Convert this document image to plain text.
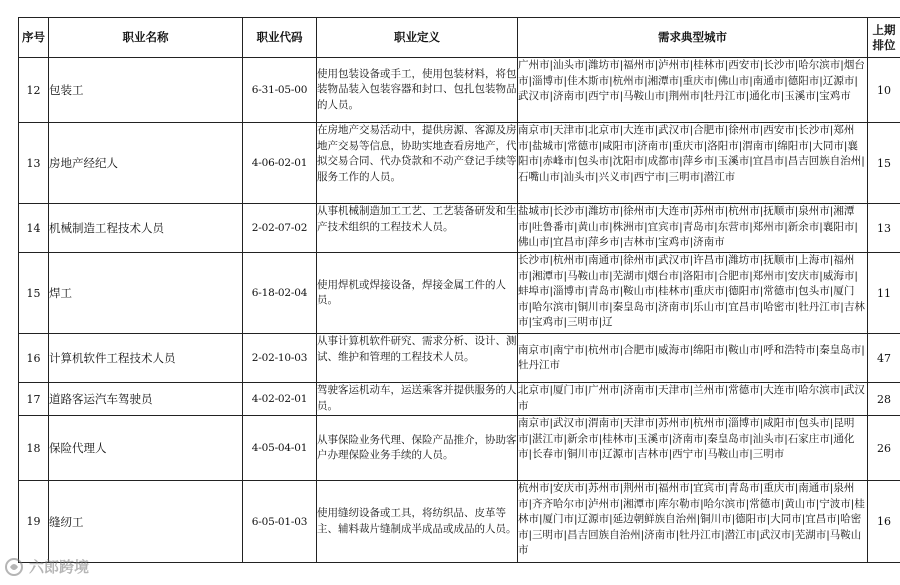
序号	职业名称	职业代码	职业定义	需求典型城市	上期排位
12	包装工	6-31-05-00	使用包装设备或手工，使用包装材料，将包装物品装入包装容器和封口、包扎包装物品的人员。	广州市|汕头市|潍坊市|福州市|泸州市|桂林市|西安市|长沙市|哈尔滨市|烟台市|淄博市|佳木斯市|杭州市|湘潭市|重庆市|佛山市|南通市|德阳市|辽源市|武汉市|济南市|西宁市|马鞍山市|荆州市|牡丹江市|通化市|玉溪市|宝鸡市	10
13	房地产经纪人	4-06-02-01	在房地产交易活动中，提供房源、客源及房地产交易等信息，协助实地查看房地产，代拟交易合同、代办贷款和不动产登记手续等服务工作的人员。	南京市|天津市|北京市|大连市|武汉市|合肥市|徐州市|西安市|长沙市|郑州市|盐城市|常德市|咸阳市|济南市|重庆市|洛阳市|渭南市|绵阳市|大同市|襄阳市|赤峰市|包头市|沈阳市|成都市|萍乡市|玉溪市|宜昌市|昌吉回族自治州|石嘴山市|汕头市|兴义市|西宁市|三明市|潜江市	15
14	机械制造工程技术人员	2-02-07-02	从事机械制造加工工艺、工艺装备研发和生产技术组织的工程技术人员。	盐城市|长沙市|潍坊市|徐州市|大连市|苏州市|杭州市|抚顺市|泉州市|湘潭市|吐鲁番市|黄山市|株洲市|宜宾市|青岛市|东营市|郑州市|新余市|襄阳市|佛山市|宜昌市|萍乡市|吉林市|宝鸡市|济南市	13
15	焊工	6-18-02-04	使用焊机或焊接设备，焊接金属工件的人员。	长沙市|杭州市|南通市|徐州市|武汉市|许昌市|潍坊市|抚顺市|上海市|福州市|湘潭市|马鞍山市|芜湖市|烟台市|洛阳市|合肥市|郑州市|安庆市|威海市|蚌埠市|淄博市|青岛市|鞍山市|桂林市|重庆市|德阳市|常德市|包头市|厦门市|哈尔滨市|铜川市|秦皇岛市|济南市|乐山市|宜昌市|哈密市|牡丹江市|吉林市|宝鸡市|三明市|辽	11
16	计算机软件工程技术人员	2-02-10-03	从事计算机软件研究、需求分析、设计、测试、维护和管理的工程技术人员。	南京市|南宁市|杭州市|合肥市|威海市|绵阳市|鞍山市|呼和浩特市|秦皇岛市|牡丹江市	47
17	道路客运汽车驾驶员	4-02-02-01	驾驶客运机动车，运送乘客并提供服务的人员。	北京市|厦门市|广州市|济南市|天津市|兰州市|常德市|大连市|哈尔滨市|武汉市	28
18	保险代理人	4-05-04-01	从事保险业务代理、保险产品推介，协助客户办理保险业务手续的人员。	南京市|武汉市|渭南市|天津市|苏州市|杭州市|淄博市|咸阳市|包头市|昆明市|湛江市|新余市|桂林市|玉溪市|济南市|秦皇岛市|汕头市|石家庄市|通化市|长春市|铜川市|辽源市|吉林市|西宁市|马鞍山市|三明市	26
19	缝纫工	6-05-01-03	使用缝纫设备或工具，将纺织品、皮革等主、辅料裁片缝制成半成品或成品的人员。	杭州市|安庆市|苏州市|荆州市|福州市|宜宾市|青岛市|重庆市|南通市|泉州市|齐齐哈尔市|泸州市|湘潭市|库尔勒市|哈尔滨市|常德市|黄山市|宁波市|桂林市|厦门市|辽源市|延边朝鲜族自治州|铜川市|德阳市|大同市|宜昌市|哈密市|三明市|昌吉回族自治州|济南市|牡丹江市|潜江市|武汉市|芜湖市|马鞍山市	16
六郎跨境
